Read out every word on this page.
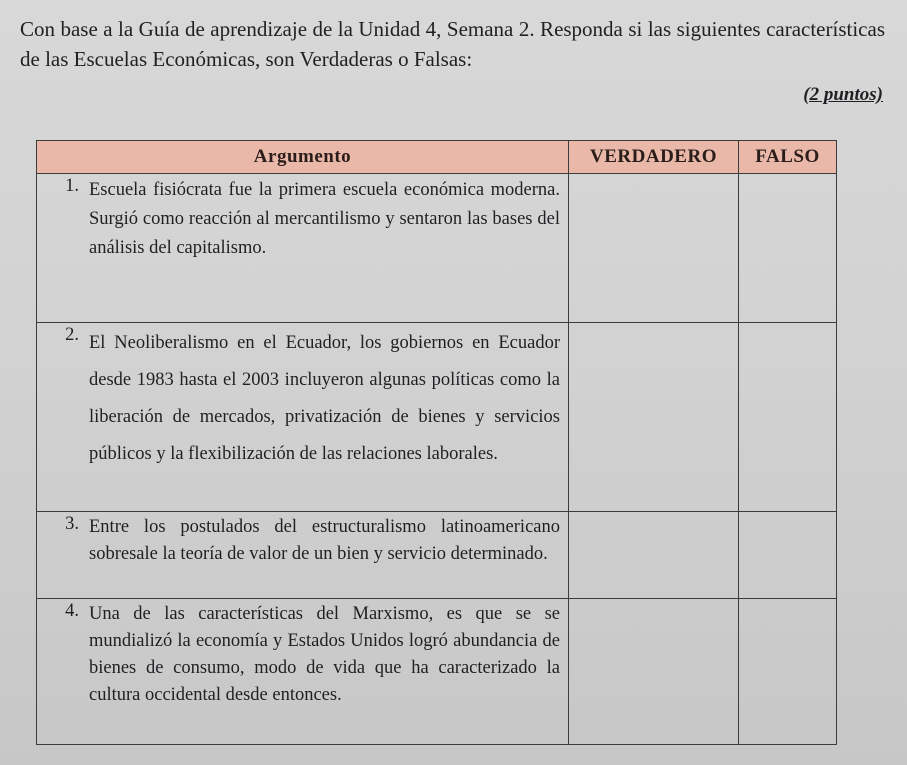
Con base a la Guía de aprendizaje de la Unidad 4, Semana 2. Responda si las siguientes características de las Escuelas Económicas, son Verdaderas o Falsas:
(2 puntos)
Argumento	VERDADERO	FALSO

1. Escuela fisiócrata fue la primera escuela económica moderna. Surgió como reacción al mercantilismo y sentaron las bases del análisis del capitalismo.		

2. El Neoliberalismo en el Ecuador, los gobiernos en Ecuador desde 1983 hasta el 2003 incluyeron algunas políticas como la liberación de mercados, privatización de bienes y servicios públicos y la flexibilización de las relaciones laborales.		

3. Entre los postulados del estructuralismo latinoamericano sobresale la teoría de valor de un bien y servicio determinado.		

4. Una de las características del Marxismo, es que se se mundializó la economía y Estados Unidos logró abundancia de bienes de consumo, modo de vida que ha caracterizado la cultura occidental desde entonces.		
